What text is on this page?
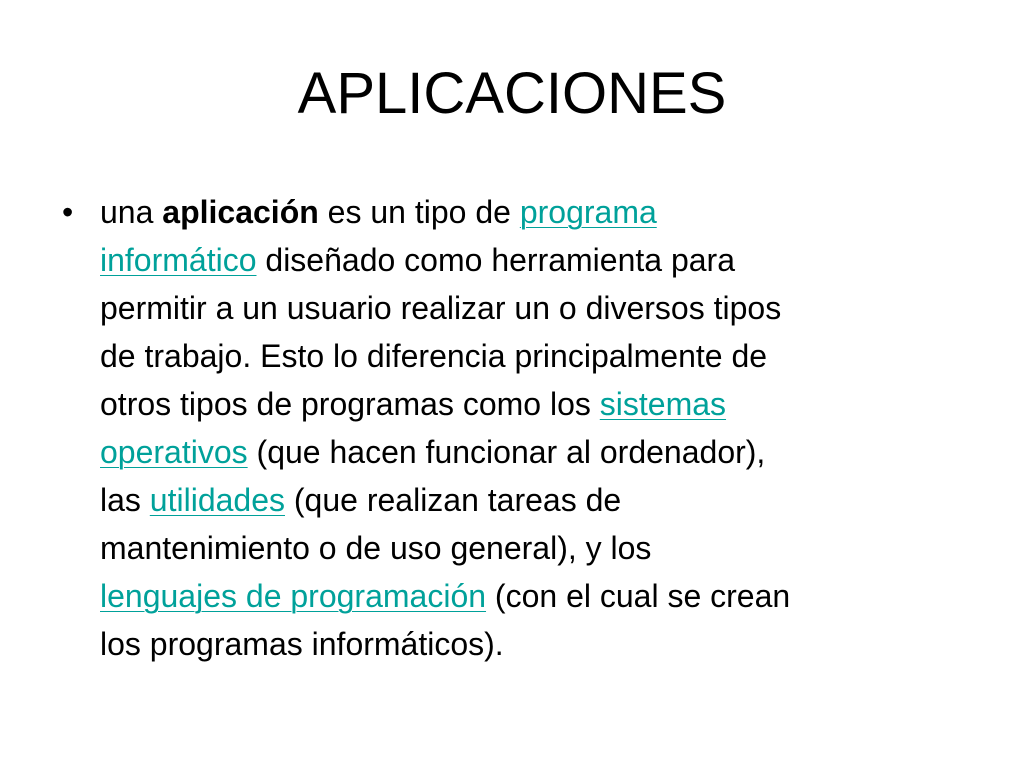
APLICACIONES
• una aplicación es un tipo de programa
informático diseñado como herramienta para
permitir a un usuario realizar un o diversos tipos
de trabajo. Esto lo diferencia principalmente de
otros tipos de programas como los sistemas
operativos (que hacen funcionar al ordenador),
las utilidades (que realizan tareas de
mantenimiento o de uso general), y los
lenguajes de programación (con el cual se crean
los programas informáticos).
